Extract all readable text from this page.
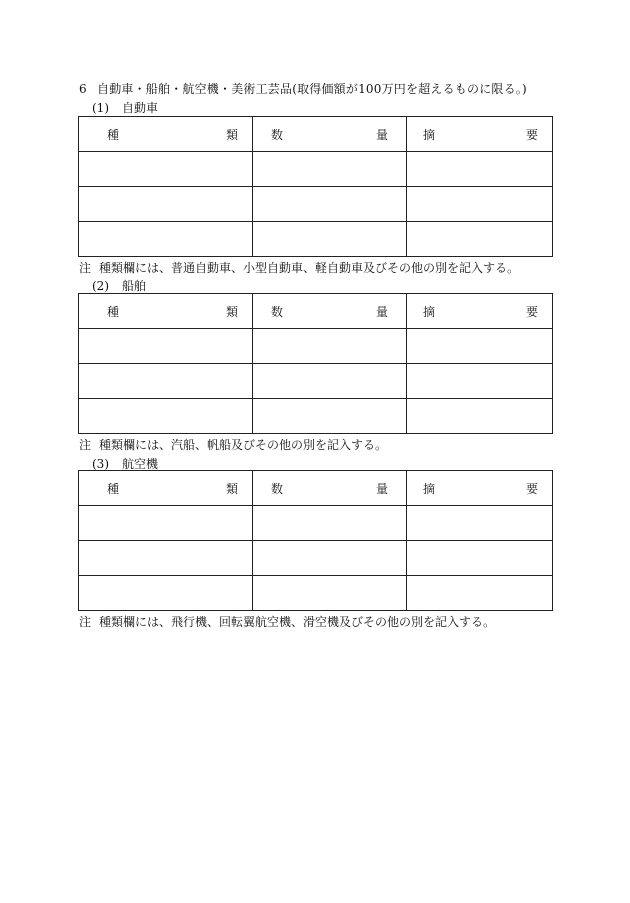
6 自動車・船舶・航空機・美術工芸品(取得価額が100万円を超えるものに限る。)
(1) 自動車
種 類	数 量	摘 要

注 種類欄には、普通自動車、小型自動車、軽自動車及びその他の別を記入する。
(2) 船舶
種 類	数 量	摘 要

注 種類欄には、汽船、帆船及びその他の別を記入する。
(3) 航空機
種 類	数 量	摘 要

注 種類欄には、飛行機、回転翼航空機、滑空機及びその他の別を記入する。
